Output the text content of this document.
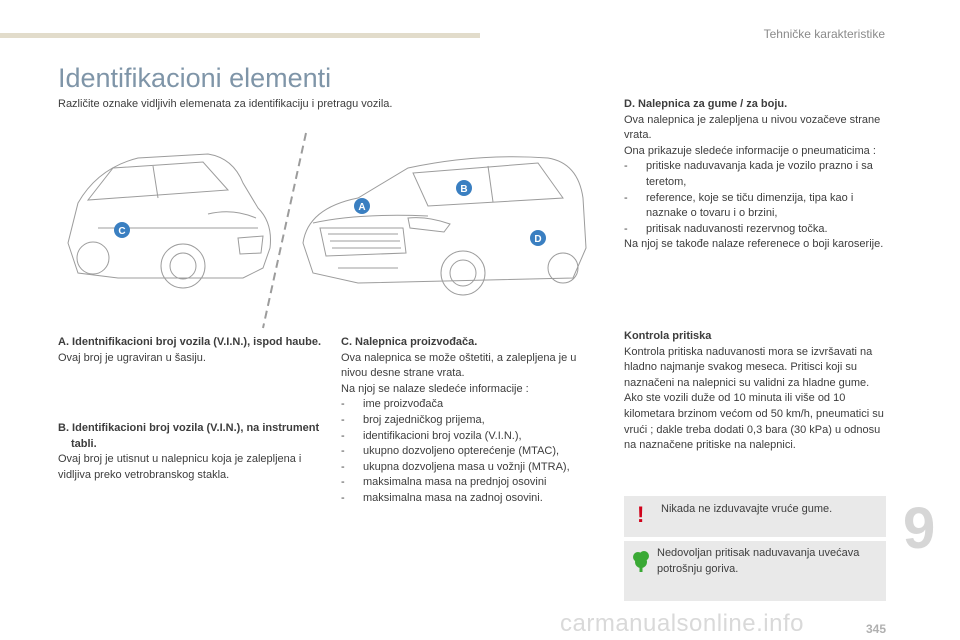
Tehničke karakteristike
Identifikacioni elementi
Različite oznake vidljivih elemenata za identifikaciju i pretragu vozila.
C
A
B
D

A. Identnifikacioni broj vozila (V.I.N.), ispod haube.

Ovaj broj je ugraviran u šasiju.

B. Identifikacioni broj vozila (V.I.N.), na instrument tabli.

Ovaj broj je utisnut u nalepnicu koja je zalepljena i vidljiva preko vetrobranskog stakla.

C. Nalepnica proizvođača.

Ova nalepnica se može oštetiti, a zalepljena je u nivou desne strane vrata.

Na njoj se nalaze sledeće informacije :

- ime proizvođača
- broj zajedničkog prijema,
- identifikacioni broj vozila (V.I.N.),
- ukupno dozvoljeno opterećenje (MTAC),
- ukupna dozvoljena masa u vožnji (MTRA),
- maksimalna masa na prednjoj osovini
- maksimalna masa na zadnoj osovini.

D. Nalepnica za gume / za boju.

Ova nalepnica je zalepljena u nivou vozačeve strane vrata.

Ona prikazuje sledeće informacije o pneumaticima :

- pritiske naduvavanja kada je vozilo prazno i sa teretom,
- reference, koje se tiču dimenzija, tipa kao i naznake o tovaru i o brzini,
- pritisak naduvanosti rezervnog točka.

Na njoj se takođe nalaze referenece o boji karoserije.

Kontrola pritiska

Kontrola pritiska naduvanosti mora se izvršavati na hladno najmanje svakog meseca. Pritisci koji su naznačeni na nalepnici su validni za hladne gume. Ako ste vozili duže od 10 minuta ili više od 10 kilometara brzinom većom od 50 km/h, pneumatici su vrući ; dakle treba dodati 0,3 bara (30 kPa) u odnosu na naznačene pritiske na nalepnici.

! Nikada ne izduvavajte vruće gume.
Nedovoljan pritisak naduvavanja uvećava potrošnju goriva.
9
345
carmanualsonline.info
